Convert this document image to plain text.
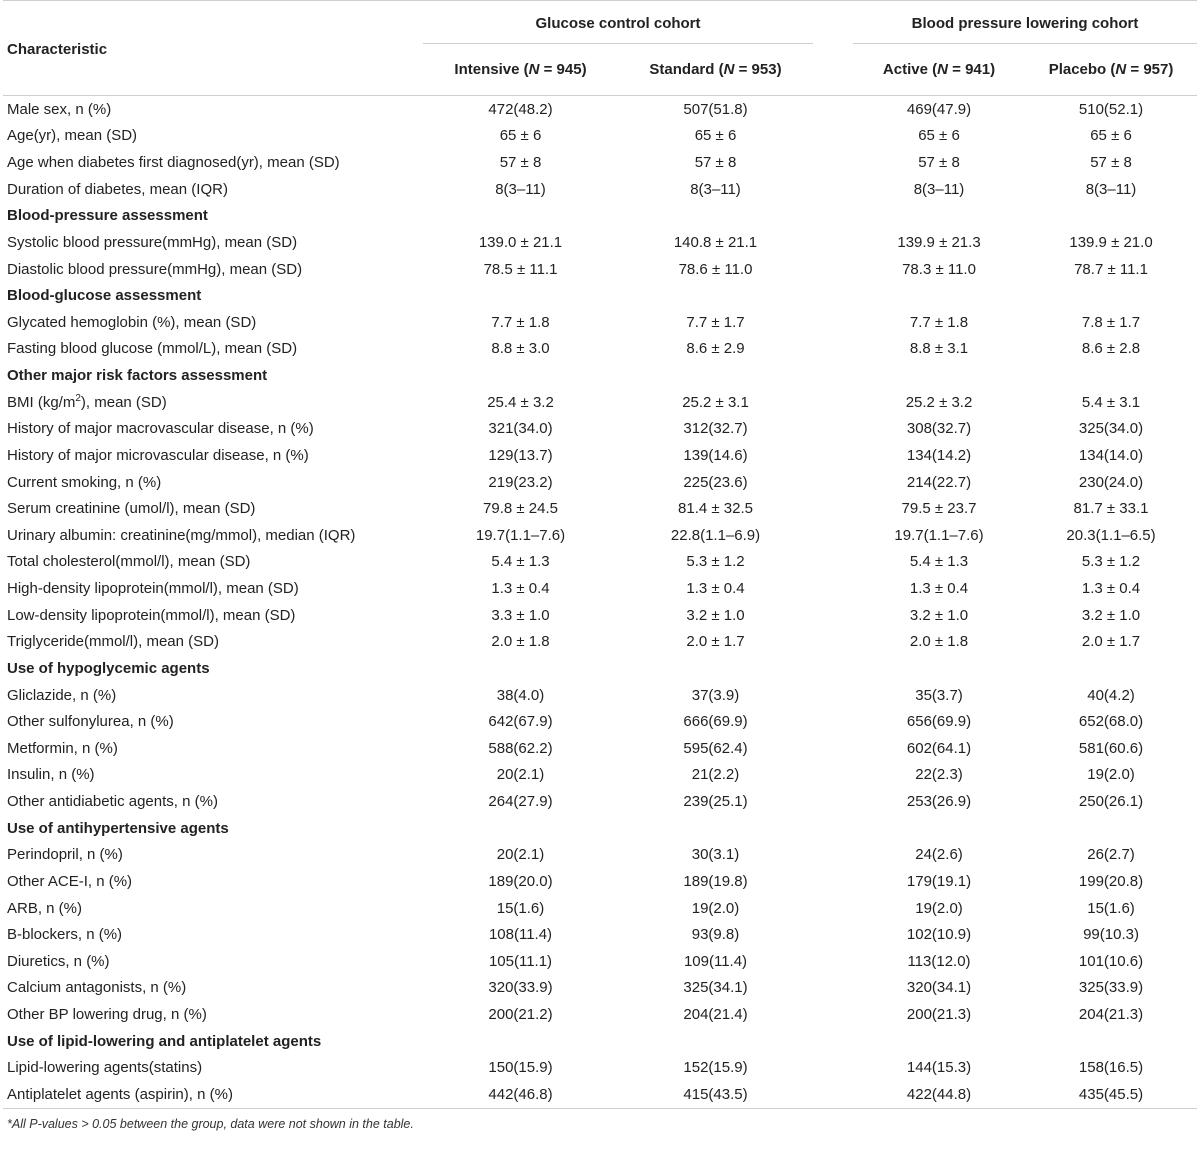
Characteristic	Glucose control cohort			Blood pressure lowering cohort	

	Intensive (N = 945)	Standard (N = 953)		Active (N = 941)	Placebo (N = 957)
Male sex, n (%)	472(48.2)	507(51.8)		469(47.9)	510(52.1)
Age(yr), mean (SD)	65 ± 6	65 ± 6		65 ± 6	65 ± 6
Age when diabetes first diagnosed(yr), mean (SD)	57 ± 8	57 ± 8		57 ± 8	57 ± 8
Duration of diabetes, mean (IQR)	8(3–11)	8(3–11)		8(3–11)	8(3–11)
Blood-pressure assessment					
Systolic blood pressure(mmHg), mean (SD)	139.0 ± 21.1	140.8 ± 21.1		139.9 ± 21.3	139.9 ± 21.0
Diastolic blood pressure(mmHg), mean (SD)	78.5 ± 11.1	78.6 ± 11.0		78.3 ± 11.0	78.7 ± 11.1
Blood-glucose assessment					
Glycated hemoglobin (%), mean (SD)	7.7 ± 1.8	7.7 ± 1.7		7.7 ± 1.8	7.8 ± 1.7
Fasting blood glucose (mmol/L), mean (SD)	8.8 ± 3.0	8.6 ± 2.9		8.8 ± 3.1	8.6 ± 2.8
Other major risk factors assessment					
BMI $(kg/m^2)$, mean (SD)	25.4 ± 3.2	25.2 ± 3.1		25.2 ± 3.2	5.4 ± 3.1
History of major macrovascular disease, n (%)	321(34.0)	312(32.7)		308(32.7)	325(34.0)
History of major microvascular disease, n (%)	129(13.7)	139(14.6)		134(14.2)	134(14.0)
Current smoking, n (%)	219(23.2)	225(23.6)		214(22.7)	230(24.0)
Serum creatinine (umol/l), mean (SD)	79.8 ± 24.5	81.4 ± 32.5		79.5 ± 23.7	81.7 ± 33.1
Urinary albumin: creatinine(mg/mmol), median (IQR)	19.7(1.1–7.6)	22.8(1.1–6.9)		19.7(1.1–7.6)	20.3(1.1–6.5)
Total cholesterol(mmol/l), mean (SD)	5.4 ± 1.3	5.3 ± 1.2		5.4 ± 1.3	5.3 ± 1.2
High-density lipoprotein(mmol/l), mean (SD)	1.3 ± 0.4	1.3 ± 0.4		1.3 ± 0.4	1.3 ± 0.4
Low-density lipoprotein(mmol/l), mean (SD)	3.3 ± 1.0	3.2 ± 1.0		3.2 ± 1.0	3.2 ± 1.0
Triglyceride(mmol/l), mean (SD)	2.0 ± 1.8	2.0 ± 1.7		2.0 ± 1.8	2.0 ± 1.7
Use of hypoglycemic agents					
Gliclazide, n (%)	38(4.0)	37(3.9)		35(3.7)	40(4.2)
Other sulfonylurea, n (%)	642(67.9)	666(69.9)		656(69.9)	652(68.0)
Metformin, n (%)	588(62.2)	595(62.4)		602(64.1)	581(60.6)
Insulin, n (%)	20(2.1)	21(2.2)		22(2.3)	19(2.0)
Other antidiabetic agents, n (%)	264(27.9)	239(25.1)		253(26.9)	250(26.1)
Use of antihypertensive agents					
Perindopril, n (%)	20(2.1)	30(3.1)		24(2.6)	26(2.7)
Other ACE-I, n (%)	189(20.0)	189(19.8)		179(19.1)	199(20.8)
ARB, n (%)	15(1.6)	19(2.0)		19(2.0)	15(1.6)
B-blockers, n (%)	108(11.4)	93(9.8)		102(10.9)	99(10.3)
Diuretics, n (%)	105(11.1)	109(11.4)		113(12.0)	101(10.6)
Calcium antagonists, n (%)	320(33.9)	325(34.1)		320(34.1)	325(33.9)
Other BP lowering drug, n (%)	200(21.2)	204(21.4)		200(21.3)	204(21.3)
Use of lipid-lowering and antiplatelet agents					
Lipid-lowering agents(statins)	150(15.9)	152(15.9)		144(15.3)	158(16.5)
Antiplatelet agents (aspirin), n (%)	442(46.8)	415(43.5)		422(44.8)	435(45.5)
*All P-values > 0.05 between the group, data were not shown in the table.
